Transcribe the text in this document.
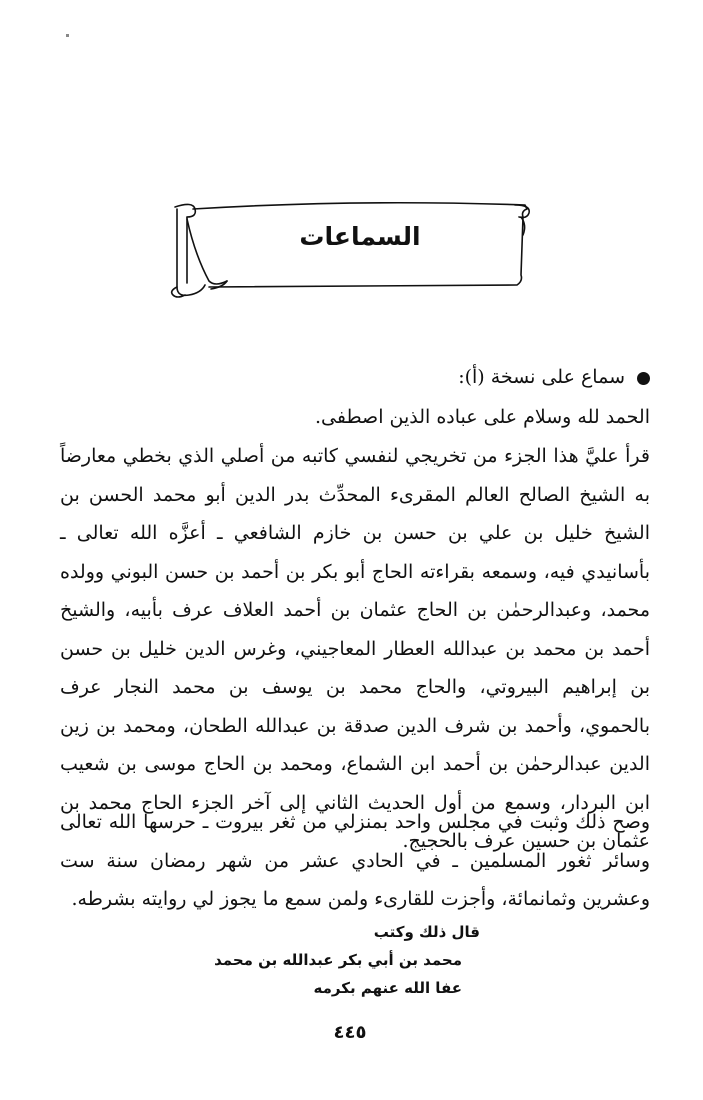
السماعات
سماع على نسخة (أ):
الحمد لله وسلام على عباده الذين اصطفى.
قرأ عليَّ هذا الجزء من تخريجي لنفسي كاتبه من أصلي الذي بخطي معارضاً به الشيخ الصالح العالم المقرىء المحدِّث بدر الدين أبو محمد الحسن بن الشيخ خليل بن علي بن حسن بن خازم الشافعي ـ أعزَّه الله تعالى ـ بأسانيدي فيه، وسمعه بقراءته الحاج أبو بكر بن أحمد بن حسن البوني وولده محمد، وعبدالرحمٰن بن الحاج عثمان بن أحمد العلاف عرف بأبيه، والشيخ أحمد بن محمد بن عبدالله العطار المعاجيني، وغرس الدين خليل بن حسن بن إبراهيم البيروتي، والحاج محمد بن يوسف بن محمد النجار عرف بالحموي، وأحمد بن شرف الدين صدقة بن عبدالله الطحان، ومحمد بن زين الدين عبدالرحمٰن بن أحمد ابن الشماع، ومحمد بن الحاج موسى بن شعيب ابن البردار، وسمع من أول الحديث الثاني إلى آخر الجزء الحاج محمد بن عثمان بن حسين عرف بالحجيج.
وصح ذلك وثبت في مجلس واحد بمنزلي من ثغر بيروت ـ حرسها الله تعالى وسائر ثغور المسلمين ـ في الحادي عشر من شهر رمضان سنة ست وعشرين وثمانمائة، وأجزت للقارىء ولمن سمع ما يجوز لي روايته بشرطه.
قال ذلك وكتب
محمد بن أبي بكر عبدالله بن محمد
عفا الله عنهم بكرمه
٤٤٥
